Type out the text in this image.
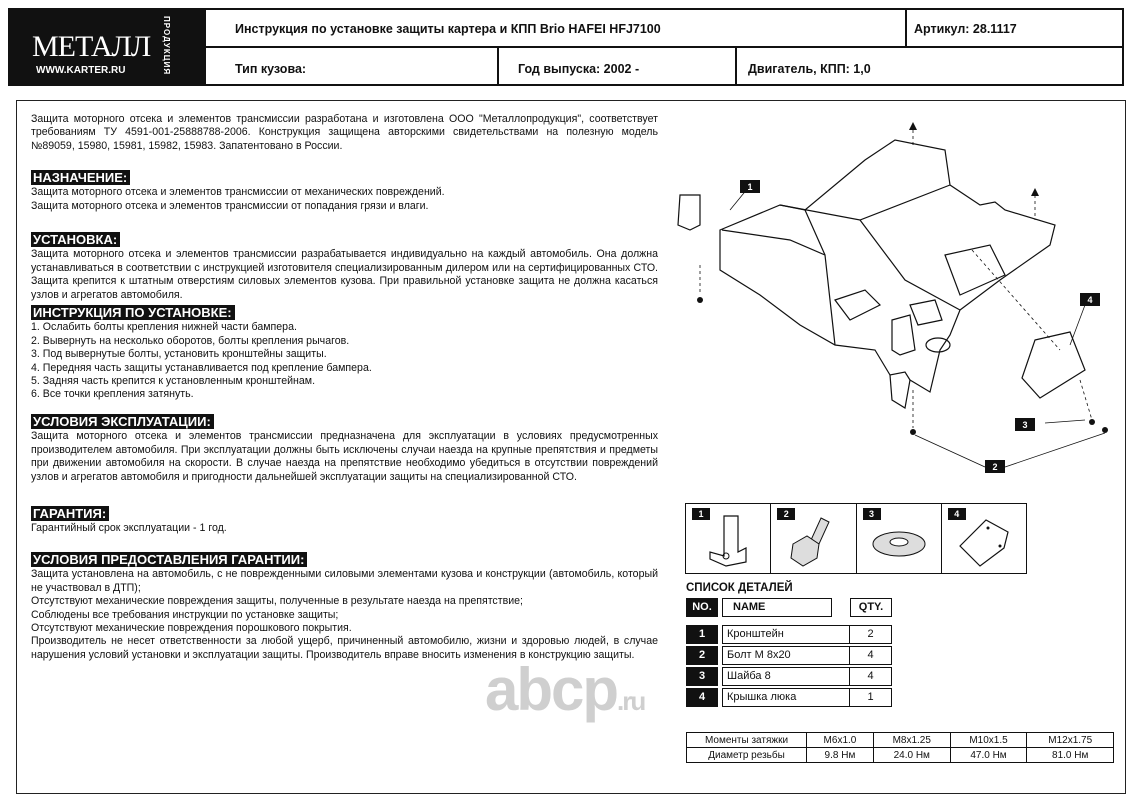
МЕТАЛЛ ПРОДУКЦИЯ
WWW.KARTER.RU
Инструкция по установке защиты картера и КПП Brio HAFEI HFJ7100	Артикул: 28.1117
Тип кузова:	Год выпуска: 2002 -	Двигатель, КПП: 1,0

Защита моторного отсека и элементов трансмиссии разработана и изготовлена ООО "Металлопродукция", соответствует требованиям ТУ 4591-001-25888788-2006. Конструкция защищена авторскими свидетельствами на полезную модель №89059, 15980, 15981, 15982, 15983. Запатентовано в России.

НАЗНАЧЕНИЕ:

Защита моторного отсека и элементов трансмиссии от механических повреждений.

Защита моторного отсека и элементов трансмиссии от попадания грязи и влаги.

УСТАНОВКА:

Защита моторного отсека и элементов трансмиссии разрабатывается индивидуально на каждый автомобиль. Она должна устанавливаться в соответствии с инструкцией изготовителя специализированным дилером или на сертифицированных СТО. Защита крепится к штатным отверстиям силовых элементов кузова. При правильной установке защита не должна касаться узлов и агрегатов автомобиля.

ИНСТРУКЦИЯ ПО УСТАНОВКЕ:

1. Ослабить болты крепления нижней части бампера.

2. Вывернуть на несколько оборотов, болты крепления рычагов.

3. Под вывернутые болты, установить кронштейны защиты.

4. Передняя часть защиты устанавливается под крепление бампера.

5. Задняя часть крепится к установленным кронштейнам.

6. Все точки крепления затянуть.

УСЛОВИЯ ЭКСПЛУАТАЦИИ:

Защита моторного отсека и элементов трансмиссии предназначена для эксплуатации в условиях предусмотренных производителем автомобиля. При эксплуатации должны быть исключены случаи наезда на крупные препятствия и предметы при движении автомобиля на скорости. В случае наезда на препятствие необходимо убедиться в отсутствии повреждений узлов и агрегатов автомобиля и пригодности дальнейшей эксплуатации защиты на специализированной СТО.

ГАРАНТИЯ:

Гарантийный срок эксплуатации - 1 год.

УСЛОВИЯ ПРЕДОСТАВЛЕНИЯ ГАРАНТИИ:

Защита установлена на автомобиль, с не поврежденными силовыми элементами кузова и конструкции (автомобиль, который не участвовал в ДТП);

Отсутствуют механические повреждения защиты, полученные в результате наезда на препятствие;

Соблюдены все требования инструкции по установке защиты;

Отсутствуют механические повреждения порошкового покрытия.

Производитель не несет ответственности за любой ущерб, причиненный автомобилю, жизни и здоровью людей, в случае нарушения условий установки и эксплуатации защиты. Производитель вправе вносить изменения в конструкцию защиты.

abcp.ru
1
4
3
2
1	2	3	4
СПИСОК ДЕТАЛЕЙ
NO.	NAME	QTY.
1	Кронштейн	2
2	Болт М 8х20	4
3	Шайба 8	4
4	Крышка люка	1
Моменты затяжки	M6x1.0	M8x1.25	M10x1.5	M12x1.75
Диаметр резьбы	9.8 Нм	24.0 Нм	47.0 Нм	81.0 Нм
